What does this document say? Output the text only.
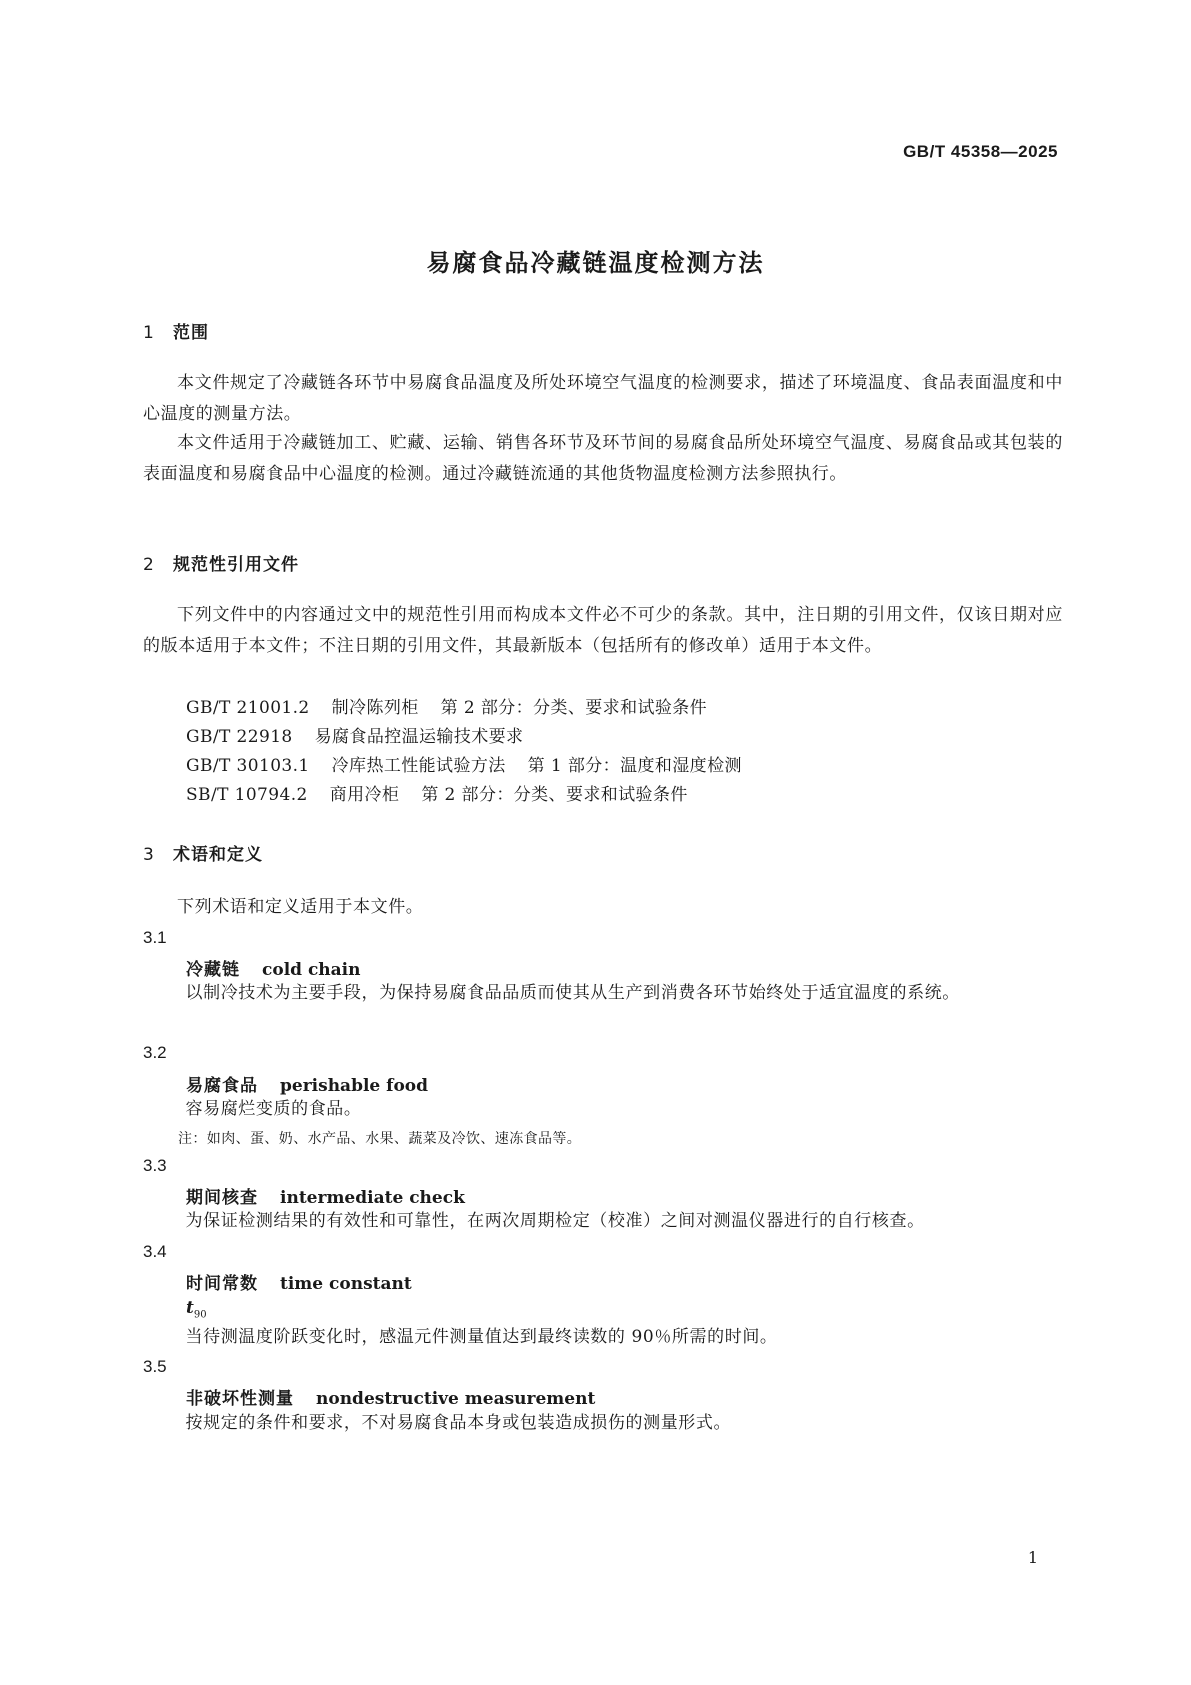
GB/T 45358—2025
易腐食品冷藏链温度检测方法
1 范围
本文件规定了冷藏链各环节中易腐食品温度及所处环境空气温度的检测要求，描述了环境温度、食品表面温度和中心温度的测量方法。
本文件适用于冷藏链加工、贮藏、运输、销售各环节及环节间的易腐食品所处环境空气温度、易腐食品或其包装的表面温度和易腐食品中心温度的检测。通过冷藏链流通的其他货物温度检测方法参照执行。
2 规范性引用文件
下列文件中的内容通过文中的规范性引用而构成本文件必不可少的条款。其中，注日期的引用文件，仅该日期对应的版本适用于本文件；不注日期的引用文件，其最新版本（包括所有的修改单）适用于本文件。
GB/T 21001.2 制冷陈列柜 第 2 部分：分类、要求和试验条件
GB/T 22918 易腐食品控温运输技术要求
GB/T 30103.1 冷库热工性能试验方法 第 1 部分：温度和湿度检测
SB/T 10794.2 商用冷柜 第 2 部分：分类、要求和试验条件
3 术语和定义
下列术语和定义适用于本文件。
3.1
冷藏链 cold chain
以制冷技术为主要手段，为保持易腐食品品质而使其从生产到消费各环节始终处于适宜温度的系统。
3.2
易腐食品 perishable food
容易腐烂变质的食品。
注：如肉、蛋、奶、水产品、水果、蔬菜及冷饮、速冻食品等。
3.3
期间核查 intermediate check
为保证检测结果的有效性和可靠性，在两次周期检定（校准）之间对测温仪器进行的自行核查。
3.4
时间常数 time constant
$t_{90}$
当待测温度阶跃变化时，感温元件测量值达到最终读数的 90％所需的时间。
3.5
非破坏性测量 nondestructive measurement
按规定的条件和要求，不对易腐食品本身或包装造成损伤的测量形式。
1
